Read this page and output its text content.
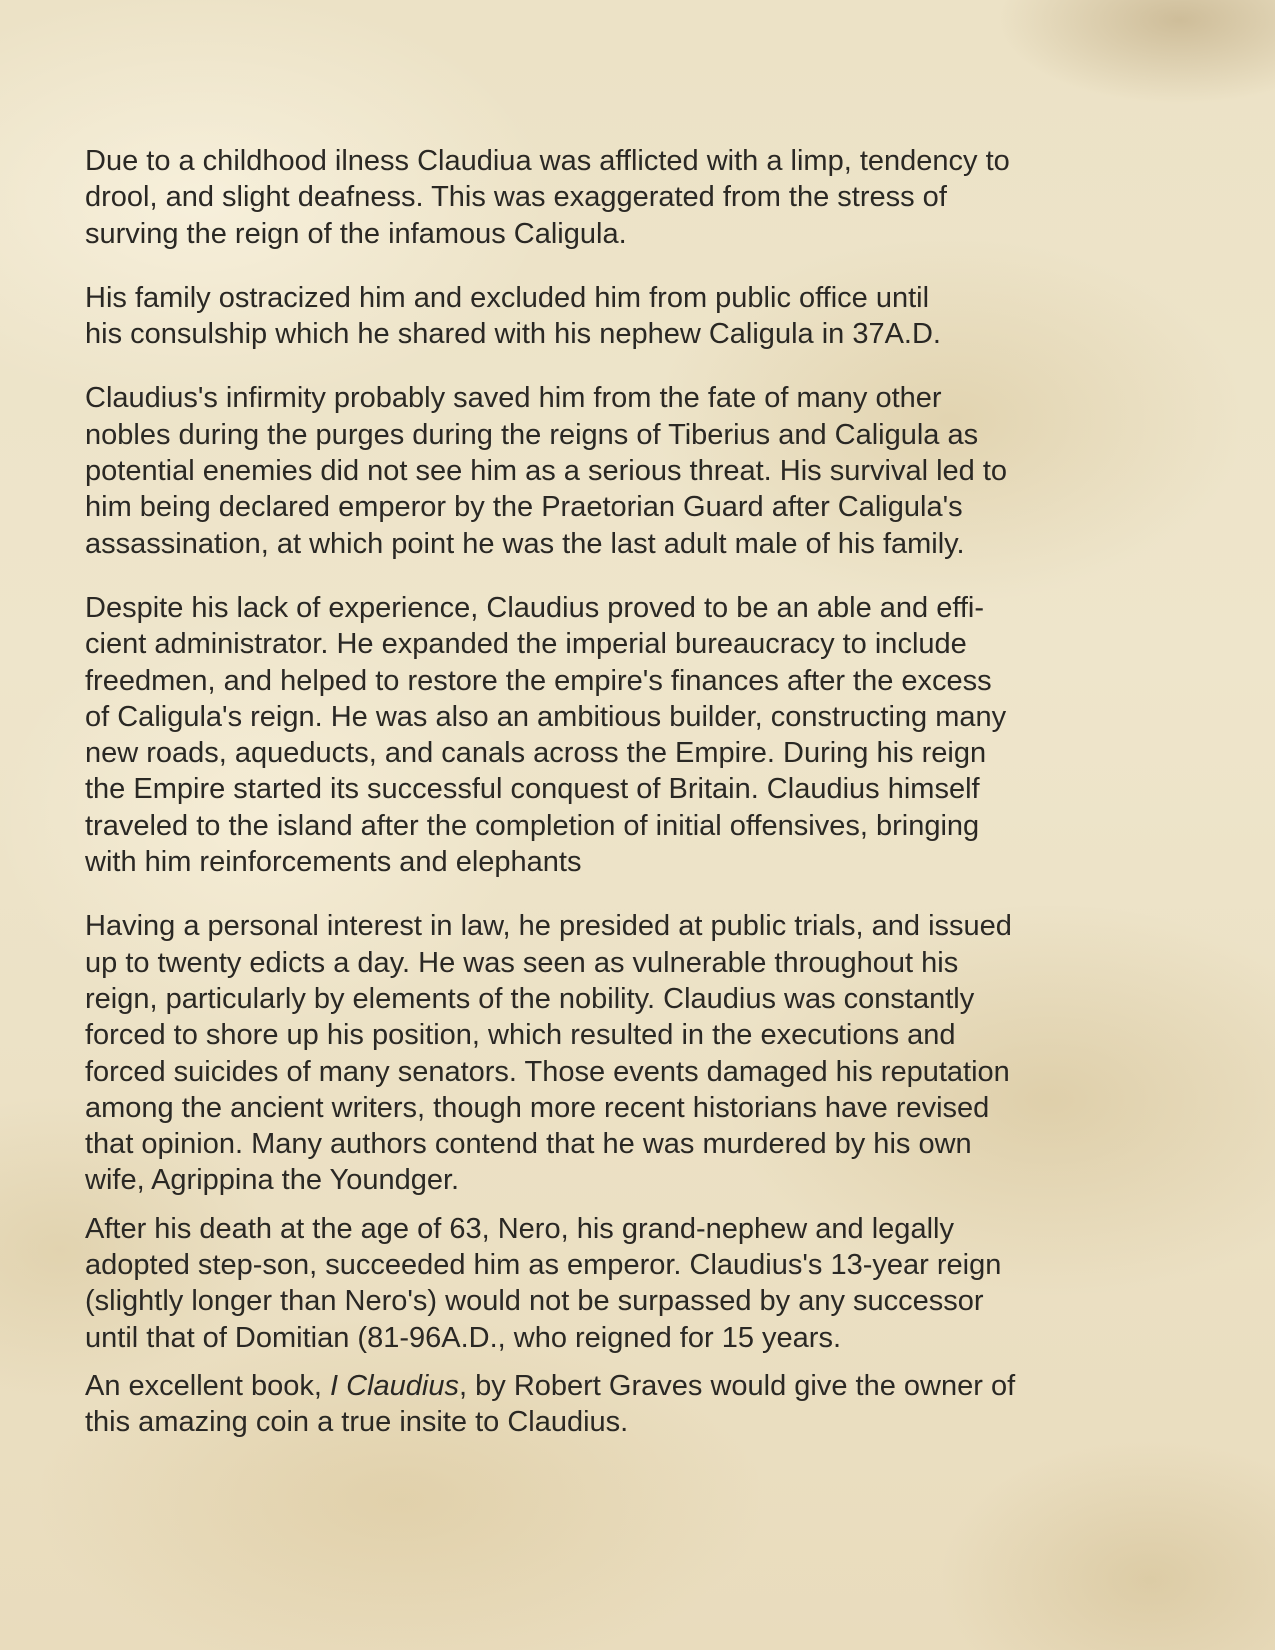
Due to a childhood ilness Claudiua was afflicted with a limp, tendency to
drool, and slight deafness. This was exaggerated from the stress of
surving the reign of the infamous Caligula.

His family ostracized him and excluded him from public office until
his consulship which he shared with his nephew Caligula in 37A.D.

Claudius's infirmity probably saved him from the fate of many other
nobles during the purges during the reigns of Tiberius and Caligula as
potential enemies did not see him as a serious threat. His survival led to
him being declared emperor by the Praetorian Guard after Caligula's
assassination, at which point he was the last adult male of his family.

Despite his lack of experience, Claudius proved to be an able and effi-
cient administrator. He expanded the imperial bureaucracy to include
freedmen, and helped to restore the empire's finances after the excess
of Caligula's reign. He was also an ambitious builder, constructing many
new roads, aqueducts, and canals across the Empire. During his reign
the Empire started its successful conquest of Britain. Claudius himself
traveled to the island after the completion of initial offensives, bringing
with him reinforcements and elephants

Having a personal interest in law, he presided at public trials, and issued
up to twenty edicts a day. He was seen as vulnerable throughout his
reign, particularly by elements of the nobility. Claudius was constantly
forced to shore up his position, which resulted in the executions and
forced suicides of many senators. Those events damaged his reputation
among the ancient writers, though more recent historians have revised
that opinion. Many authors contend that he was murdered by his own
wife, Agrippina the Youndger.

After his death at the age of 63, Nero, his grand-nephew and legally
adopted step-son, succeeded him as emperor. Claudius's 13-year reign
(slightly longer than Nero's) would not be surpassed by any successor
until that of Domitian (81-96A.D., who reigned for 15 years.

An excellent book, I Claudius, by Robert Graves would give the owner of
this amazing coin a true insite to Claudius.
